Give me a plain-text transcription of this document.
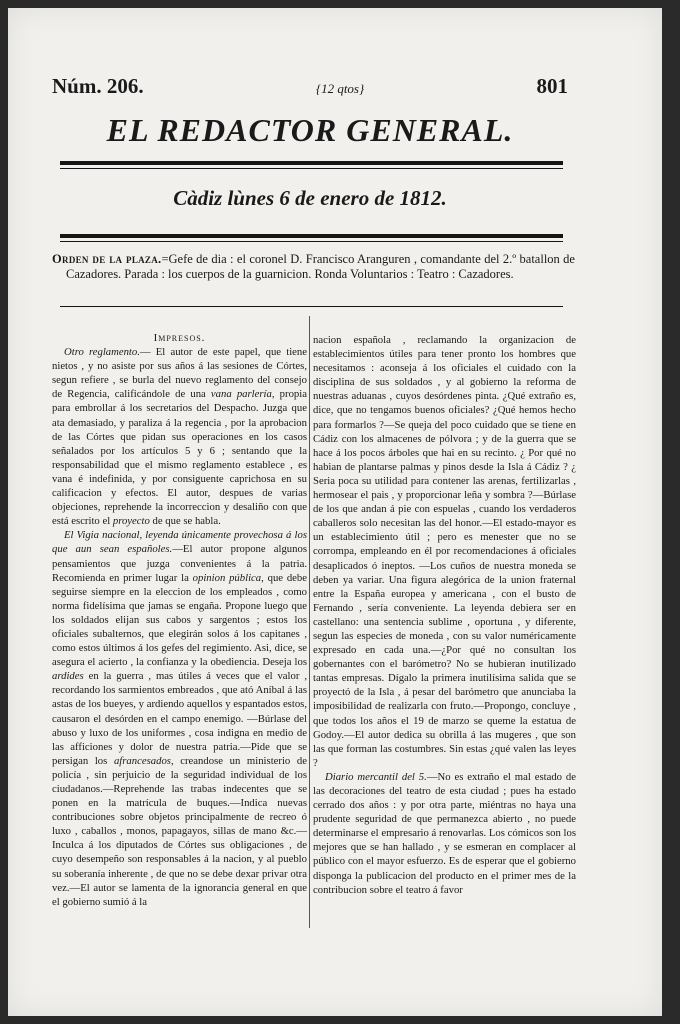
Núm. 206.	{12 qtos}	801
EL REDACTOR GENERAL.
Càdiz lùnes 6 de enero de 1812.

Orden de la plaza.=Gefe de dia : el coronel D. Francisco Aranguren , comandante del 2.º batallon de Cazadores. Parada : los cuerpos de la guarnicion. Ronda Voluntarios : Teatro : Cazadores.

Impresos.

Otro reglamento.— El autor de este papel, que tiene nietos , y no asiste por sus años á las sesiones de Córtes, segun refiere , se burla del nuevo reglamento del consejo de Regencia, calificándole de una vana parlería, propia para embrollar á los secretarios del Despacho. Juzga que ata demasiado, y paraliza á la regencia , por la aprobacion de las Córtes que pidan sus operaciones en los casos señalados por los artículos 5 y 6 ; sentando que la responsabilidad que el mismo reglamento establece , es vana é indefinida, y por consiguente caprichosa en su calificacion y efectos. El autor, despues de varias objeciones, reprehende la incorreccion y desaliño con que está escrito el proyecto de que se habla.

El Vigia nacional, leyenda únicamente provechosa á los que aun sean españoles.—El autor propone algunos pensamientos que juzga convenientes á la patria. Recomienda en primer lugar la opinion pública, que debe seguirse siempre en la eleccion de los empleados , como norma fidelísima que jamas se engaña. Propone luego que los soldados elijan sus cabos y sargentos ; estos los oficiales subalternos, que elegirán solos á los capitanes , como estos últimos á los gefes del regimiento. Asi, dice, se asegura el acierto , la confianza y la obediencia. Deseja los ardides en la guerra , mas útiles á veces que el valor , recordando los sarmientos embreados , que ató Aníbal á las astas de los bueyes, y ardiendo aquellos y espantados estos, causaron el desórden en el campo enemigo. —Búrlase del abuso y luxo de los uniformes , cosa indigna en medio de las afficiones y dolor de nuestra patria.—Pide que se persigan los afrancesados, creandose un ministerio de policía , sin perjuicio de la seguridad individual de los ciudadanos.—Reprehende las trabas indecentes que se ponen en la matrícula de buques.—Indica nuevas contribuciones sobre objetos principalmente de recreo ó luxo , caballos , monos, papagayos, sillas de mano &c.—Inculca á los diputados de Córtes sus obligaciones , de cuyo desempeño son responsables á la nacion, y al pueblo su soberanía inherente , de que no se debe dexar privar otra vez.—El autor se lamenta de la ignorancia general en que el gobierno sumió á la

nacion española , reclamando la organizacion de establecimientos útiles para tener pronto los hombres que necesitamos : aconseja á los oficiales el cuidado con la disciplina de sus soldados , y al gobierno la reforma de nuestras aduanas , cuyos desórdenes pinta. ¿Qué extraño es, dice, que no tengamos buenos oficiales? ¿Qué hemos hecho para formarlos ?—Se queja del poco cuidado que se tiene en Cádiz con los almacenes de pólvora ; y de la guerra que se hace á los pocos árboles que hai en su recinto. ¿ Por qué no habian de plantarse palmas y pinos desde la Isla á Cádiz ? ¿ Seria poca su utilidad para contener las arenas, fertilizarlas , hermosear el pais , y proporcionar leña y sombra ?—Búrlase de los que andan á pie con espuelas , cuando los verdaderos caballeros solo necesitan las del honor.—El estado-mayor es un establecimiento útil ; pero es menester que no se corrompa, empleando en él por recomendaciones á oficiales desaplicados ó ineptos. —Los cuños de nuestra moneda se deben ya variar. Una figura alegórica de la union fraternal entre la España europea y americana , con el busto de Fernando , sería conveniente. La leyenda debiera ser en castellano: una sentencia sublime , oportuna , y diferente, segun las especies de moneda , con su valor numéricamente expresado en cada una.—¿Por qué no consultan los gobernantes con el barómetro? No se hubieran inutilizado tantas empresas. Dígalo la primera inutilísima salida que se proyectó de la Isla , á pesar del barómetro que anunciaba la imposibilidad de realizarla con fruto.—Propongo, concluye , que todos los años el 19 de marzo se queme la estatua de Godoy.—El autor dedica su obrilla á las mugeres , que son las que forman las costumbres. Sin estas ¿qué valen las leyes ?

Diario mercantil del 5.—No es extraño el mal estado de las decoraciones del teatro de esta ciudad ; pues ha estado cerrado dos años : y por otra parte, miéntras no haya una prudente seguridad de que permanezca abierto , no puede determinarse el empresario á renovarlas. Los cómicos son los mejores que se han hallado , y se esmeran en complacer al público con el mayor esfuerzo. Es de esperar que el gobierno disponga la publicacion del producto en el primer mes de la contribucion sobre el teatro á favor
